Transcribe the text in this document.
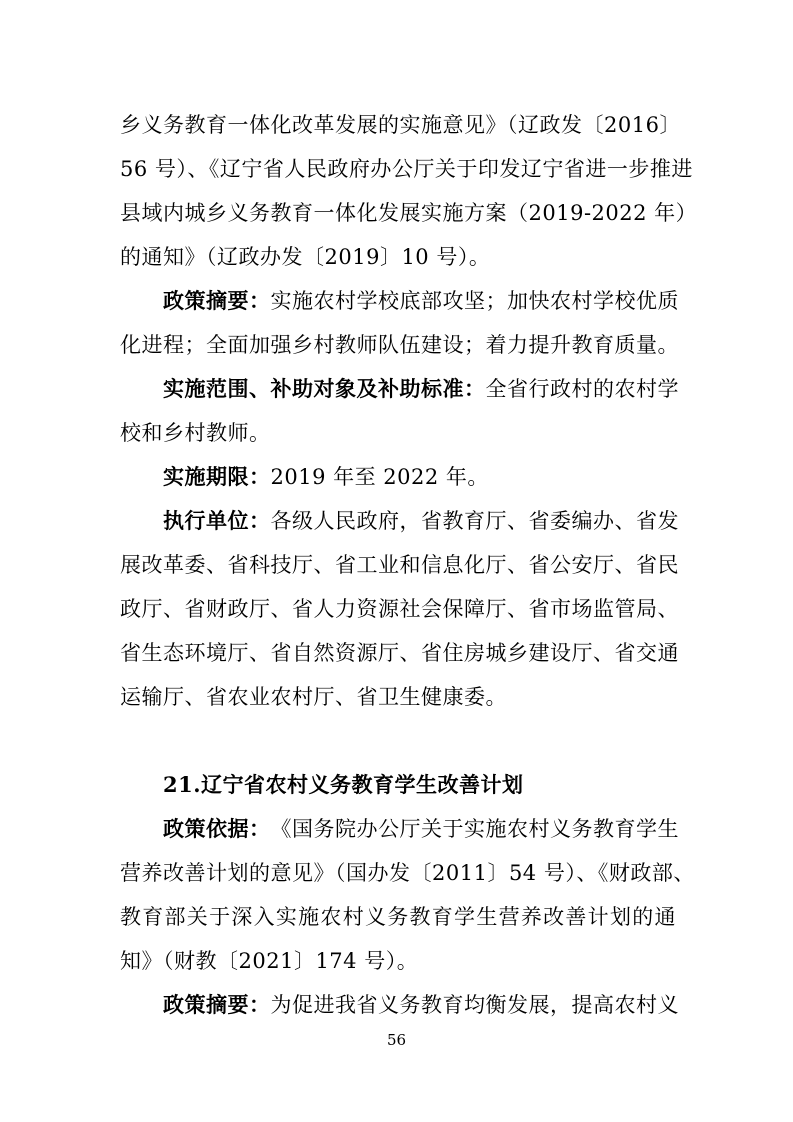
乡义务教育一体化改革发展的实施意见》（辽政发〔2016〕
56 号）、《辽宁省人民政府办公厅关于印发辽宁省进一步推进
县域内城乡义务教育一体化发展实施方案（2019-2022 年）
的通知》（辽政办发〔2019〕10 号）。
政策摘要： 实施农村学校底部攻坚；加快农村学校优质
化进程；全面加强乡村教师队伍建设；着力提升教育质量。
实施范围、补助对象及补助标准： 全省行政村的农村学
校和乡村教师。
实施期限：2019 年至 2022 年。
执行单位： 各级人民政府，省教育厅、省委编办、省发
展改革委、省科技厅、省工业和信息化厅、省公安厅、省民
政厅、省财政厅、省人力资源社会保障厅、省市场监管局、
省生态环境厅、省自然资源厅、省住房城乡建设厅、省交通
运输厅、省农业农村厅、省卫生健康委。
21.辽宁省农村义务教育学生改善计划
政策依据： 《国务院办公厅关于实施农村义务教育学生
营养改善计划的意见》（国办发〔2011〕54 号）、《财政部、
教育部关于深入实施农村义务教育学生营养改善计划的通
知》（财教〔2021〕174 号）。
政策摘要： 为促进我省义务教育均衡发展，提高农村义
56
